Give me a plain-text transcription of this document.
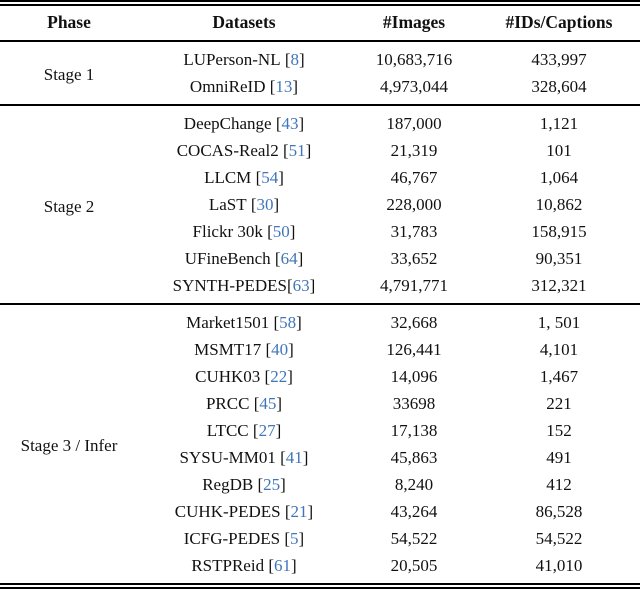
Phase	Datasets	#Images	#IDs/Captions
Stage 1	LUPerson-NL [8]	10,683,716	433,997
	OmniReID [13]	4,973,044	328,604
Stage 2	DeepChange [43]	187,000	1,121
	COCAS-Real2 [51]	21,319	101
	LLCM [54]	46,767	1,064
	LaST [30]	228,000	10,862
	Flickr 30k [50]	31,783	158,915
	UFineBench [64]	33,652	90,351
	SYNTH-PEDES[63]	4,791,771	312,321
Stage 3 / Infer	Market1501 [58]	32,668	1, 501
	MSMT17 [40]	126,441	4,101
	CUHK03 [22]	14,096	1,467
	PRCC [45]	33698	221
	LTCC [27]	17,138	152
	SYSU-MM01 [41]	45,863	491
	RegDB [25]	8,240	412
	CUHK-PEDES [21]	43,264	86,528
	ICFG-PEDES [5]	54,522	54,522
	RSTPReid [61]	20,505	41,010
